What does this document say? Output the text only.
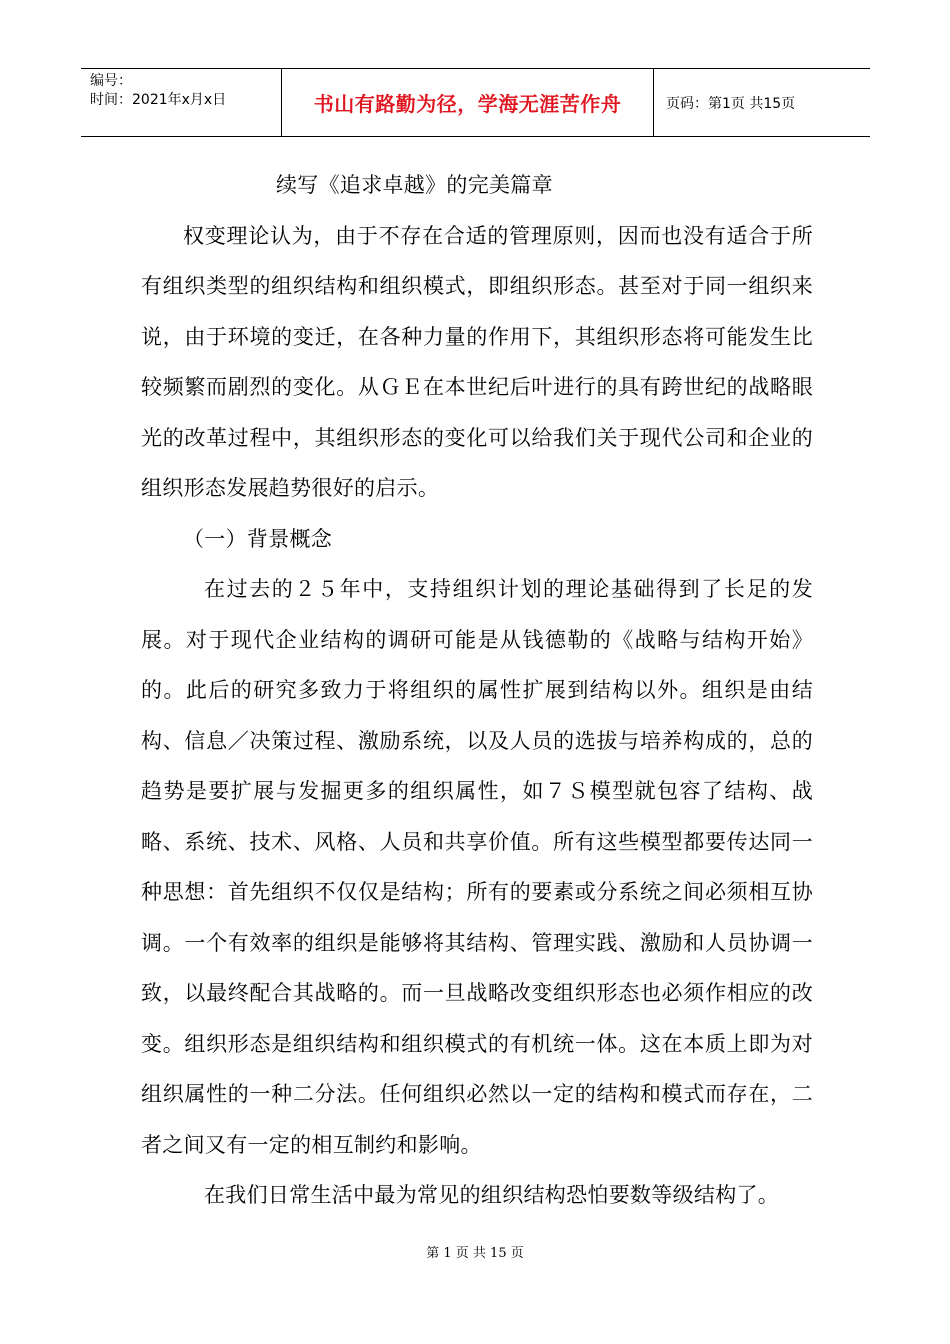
编号：
时间：2021年x月x日	书山有路勤为径，学海无涯苦作舟	页码：第1页 共15页

续写《追求卓越》的完美篇章

权变理论认为，由于不存在合适的管理原则，因而也没有适合于所有组织类型的组织结构和组织模式，即组织形态。甚至对于同一组织来说，由于环境的变迁，在各种力量的作用下，其组织形态将可能发生比较频繁而剧烈的变化。从ＧＥ在本世纪后叶进行的具有跨世纪的战略眼光的改革过程中，其组织形态的变化可以给我们关于现代公司和企业的组织形态发展趋势很好的启示。

（一）背景概念

在过去的２５年中，支持组织计划的理论基础得到了长足的发展。对于现代企业结构的调研可能是从钱德勒的《战略与结构开始》的。此后的研究多致力于将组织的属性扩展到结构以外。组织是由结构、信息／决策过程、激励系统，以及人员的选拔与培养构成的，总的趋势是要扩展与发掘更多的组织属性，如７Ｓ模型就包容了结构、战略、系统、技术、风格、人员和共享价值。所有这些模型都要传达同一种思想：首先组织不仅仅是结构；所有的要素或分系统之间必须相互协调。一个有效率的组织是能够将其结构、管理实践、激励和人员协调一致，以最终配合其战略的。而一旦战略改变组织形态也必须作相应的改变。组织形态是组织结构和组织模式的有机统一体。这在本质上即为对组织属性的一种二分法。任何组织必然以一定的结构和模式而存在，二者之间又有一定的相互制约和影响。

在我们日常生活中最为常见的组织结构恐怕要数等级结构了。

第 1 页 共 15 页
